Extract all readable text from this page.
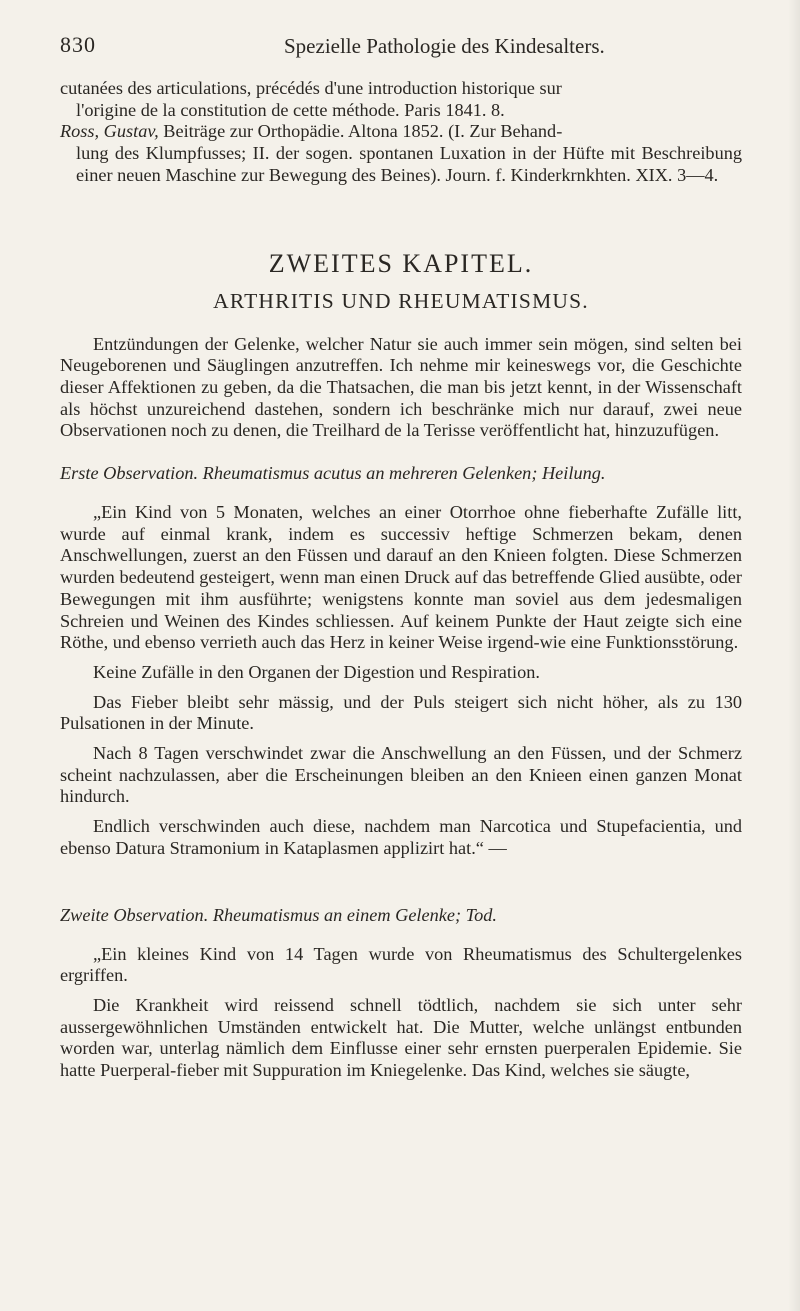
830	Spezielle Pathologie des Kindesalters.
cutanées des articulations, précédés d'une introduction historique sur
l'origine de la constitution de cette méthode. Paris 1841. 8.
Ross, Gustav, Beiträge zur Orthopädie. Altona 1852. (I. Zur Behand-
lung des Klumpfusses; II. der sogen. spontanen Luxation in der Hüfte mit Beschreibung einer neuen Maschine zur Bewegung des Beines). Journ. f. Kinderkrnkhten. XIX. 3—4.
ZWEITES KAPITEL.
ARTHRITIS UND RHEUMATISMUS.

Entzündungen der Gelenke, welcher Natur sie auch immer sein mögen, sind selten bei Neugeborenen und Säuglingen anzutreffen. Ich nehme mir keineswegs vor, die Geschichte dieser Affektionen zu geben, da die Thatsachen, die man bis jetzt kennt, in der Wissenschaft als höchst unzureichend dastehen, sondern ich beschränke mich nur darauf, zwei neue Observationen noch zu denen, die Treilhard de la Terisse veröffentlicht hat, hinzuzufügen.

Erste Observation. Rheumatismus acutus an mehreren Gelenken; Heilung.

„Ein Kind von 5 Monaten, welches an einer Otorrhoe ohne fieberhafte Zufälle litt, wurde auf einmal krank, indem es successiv heftige Schmerzen bekam, denen Anschwellungen, zuerst an den Füssen und darauf an den Knieen folgten. Diese Schmerzen wurden bedeutend gesteigert, wenn man einen Druck auf das betreffende Glied ausübte, oder Bewegungen mit ihm ausführte; wenigstens konnte man soviel aus dem jedesmaligen Schreien und Weinen des Kindes schliessen. Auf keinem Punkte der Haut zeigte sich eine Röthe, und ebenso verrieth auch das Herz in keiner Weise irgend-wie eine Funktionsstörung.

Keine Zufälle in den Organen der Digestion und Respiration.

Das Fieber bleibt sehr mässig, und der Puls steigert sich nicht höher, als zu 130 Pulsationen in der Minute.

Nach 8 Tagen verschwindet zwar die Anschwellung an den Füssen, und der Schmerz scheint nachzulassen, aber die Erscheinungen bleiben an den Knieen einen ganzen Monat hindurch.

Endlich verschwinden auch diese, nachdem man Narcotica und Stupefacientia, und ebenso Datura Stramonium in Kataplasmen applizirt hat.“ —

Zweite Observation. Rheumatismus an einem Gelenke; Tod.

„Ein kleines Kind von 14 Tagen wurde von Rheumatismus des Schultergelenkes ergriffen.

Die Krankheit wird reissend schnell tödtlich, nachdem sie sich unter sehr aussergewöhnlichen Umständen entwickelt hat. Die Mutter, welche unlängst entbunden worden war, unterlag nämlich dem Einflusse einer sehr ernsten puerperalen Epidemie. Sie hatte Puerperal-fieber mit Suppuration im Kniegelenke. Das Kind, welches sie säugte,
